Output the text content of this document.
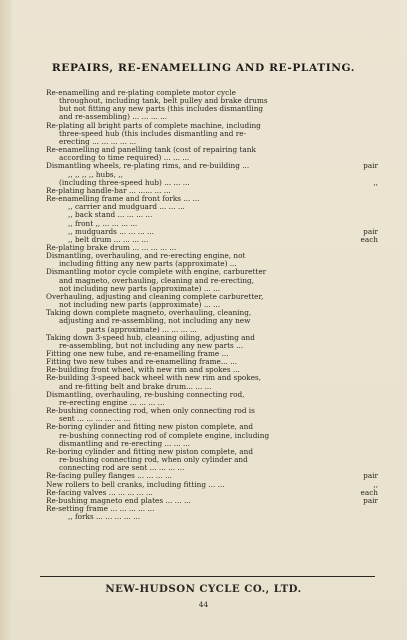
REPAIRS, RE-ENAMELLING AND RE-PLATING.
Re-enamelling and re-plating complete motor cycle
throughout, including tank, belt pulley and brake drums
but not fitting any new parts (this includes dismantling
and re-assembling) ... ... ... ...
Re-plating all bright parts of complete machine, including
three-speed hub (this includes dismantling and re-
erecting ... ... ... ... ...
Re-enamelling and panelling tank (cost of repairing tank
according to time required) ... ... ...
Dismantling wheels, re-plating rims, and re-building ...	pair
,, ,, ,, ,, hubs, ,,
(including three-speed hub) ... ... ...	,,
Re-plating handle-bar ... ...... ... ...
Re-enamelling frame and front forks ... ...
,, carrier and mudguard ... ... ...
,, back stand ... ... ... ...
,, front ,, ... ... ... ...
,, mudguards ... ... ... ...	pair
,, belt drum ... ... ... ...	each
Re-plating brake drum ... ... ... ... ...
Dismantling, overhauling, and re-erecting engine, not
including fitting any new parts (approximate) ...
Dismantling motor cycle complete with engine, carburetter
and magneto, overhauling, cleaning and re-erecting,
not including new parts (approximate) ... ...
Overhauling, adjusting and cleaning complete carburetter,
not including new parts (approximate) ... ...
Taking down complete magneto, overhauling, cleaning,
adjusting and re-assembling, not including any new
parts (approximate) ... ... ... ...
Taking down 3-speed hub, cleaning oiling, adjusting and
re-assembling, but not including any new parts ...
Fitting one new tube, and re-enamelling frame ...
Fitting two new tubes and re-enamelling frame... ...
Re-building front wheel, with new rim and spokes ...
Re-building 3-speed back wheel with new rim and spokes,
and re-fitting belt and brake drum... ... ...
Dismantling, overhauling, re-bushing connecting rod,
re-erecting engine ... ... ... ...
Re-bushing connecting rod, when only connecting rod is
sent ... ... ... ... ... ...
Re-boring cylinder and fitting new piston complete, and
re-bushing connecting rod of complete engine, including
dismantling and re-erecting ... ... ...
Re-boring cylinder and fitting new piston complete, and
re-bushing connecting rod, when only cylinder and
connecting rod are sent ... ... ... ...
Re-facing pulley flanges ... ... ... ...	pair
New rollers to bell cranks, including fitting ... ...	,,
Re-facing valves ... ... ... ... ...	each
Re-bushing magneto end plates ... ... ...	pair
Re-setting frame ... ... ... ... ...
,, forks ... ... ... ... ...
NEW-HUDSON CYCLE CO., LTD.
44
